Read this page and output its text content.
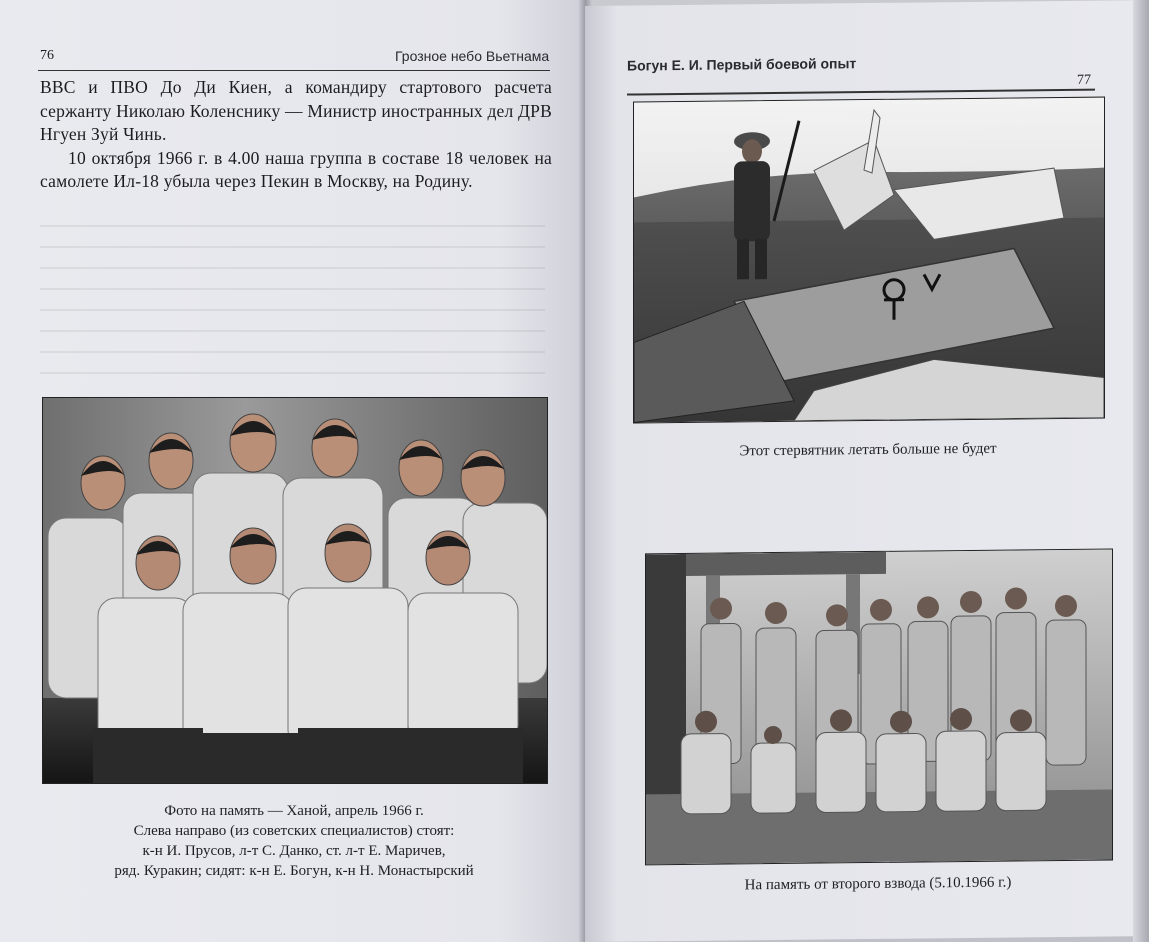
76	Грозное небо Вьетнама

ВВС и ПВО До Ди Киен, а командиру стартового расчета сержанту Николаю Коленснику — Министр иностранных дел ДРВ Нгуен Зуй Чинь.

10 октября 1966 г. в 4.00 наша группа в составе 18 человек на самолете Ил-18 убыла через Пекин в Москву, на Родину.

Фото на память — Ханой, апрель 1966 г.
Слева направо (из советских специалистов) стоят:
к-н И. Прусов, л-т С. Данко, ст. л-т Е. Маричев,
ряд. Куракин; сидят: к-н Е. Богун, к-н Н. Монастырский
Богун Е. И. Первый боевой опыт
77
Этот стервятник летать больше не будет
На память от второго взвода (5.10.1966 г.)
